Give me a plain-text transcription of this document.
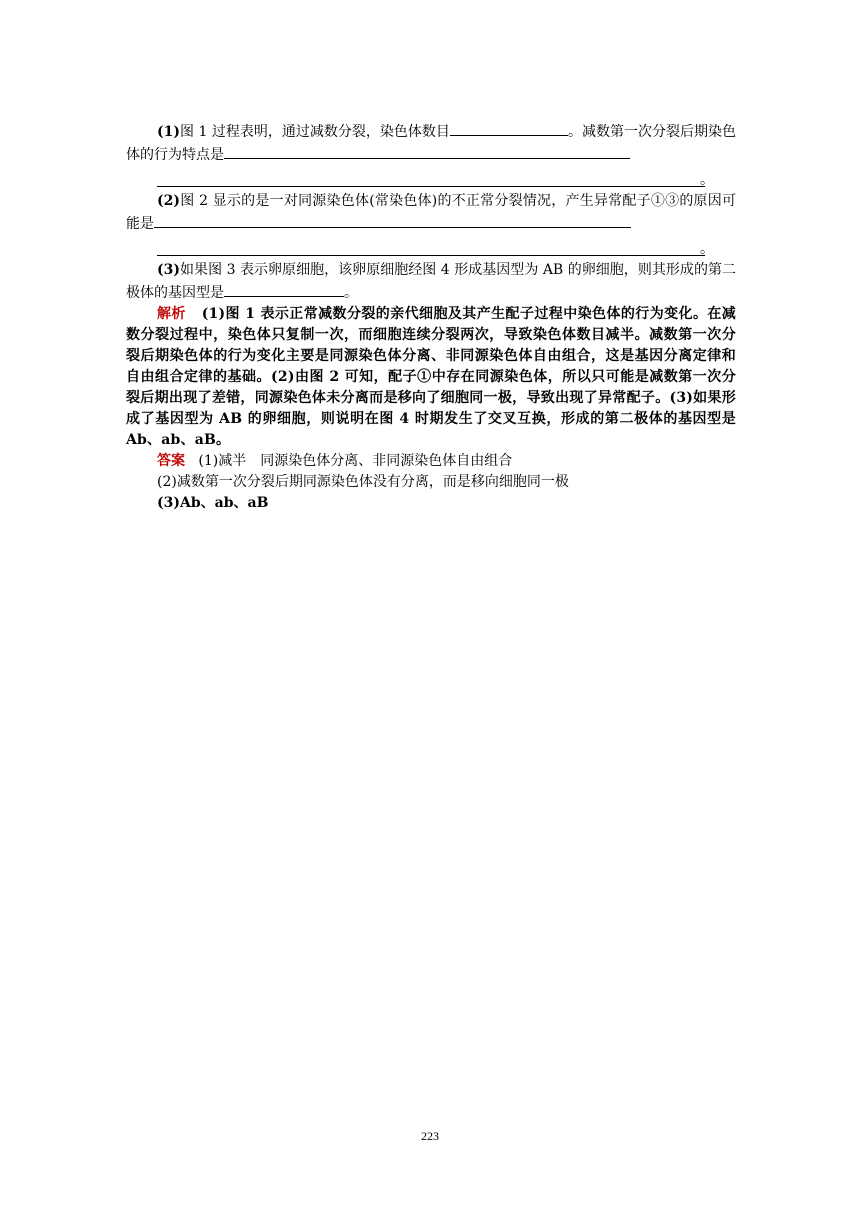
(1)图 1 过程表明，通过减数分裂，染色体数目	。减数第一次分裂后期染色体的行为特点是

。

(2)图 2 显示的是一对同源染色体(常染色体)的不正常分裂情况，产生异常配子①③的原因可能是

。

(3)如果图 3 表示卵原细胞，该卵原细胞经图 4 形成基因型为 AB 的卵细胞，则其形成的第二极体的基因型是	。

解析 (1)图 1 表示正常减数分裂的亲代细胞及其产生配子过程中染色体的行为变化。在减数分裂过程中，染色体只复制一次，而细胞连续分裂两次，导致染色体数目减半。减数第一次分裂后期染色体的行为变化主要是同源染色体分离、非同源染色体自由组合，这是基因分离定律和自由组合定律的基础。(2)由图 2 可知，配子①中存在同源染色体，所以只可能是减数第一次分裂后期出现了差错，同源染色体未分离而是移向了细胞同一极，导致出现了异常配子。(3)如果形成了基因型为 AB 的卵细胞，则说明在图 4 时期发生了交叉互换，形成的第二极体的基因型是 Ab、ab、aB。

答案 (1)减半　同源染色体分离、非同源染色体自由组合

(2)减数第一次分裂后期同源染色体没有分离，而是移向细胞同一极

(3)Ab、ab、aB

223
